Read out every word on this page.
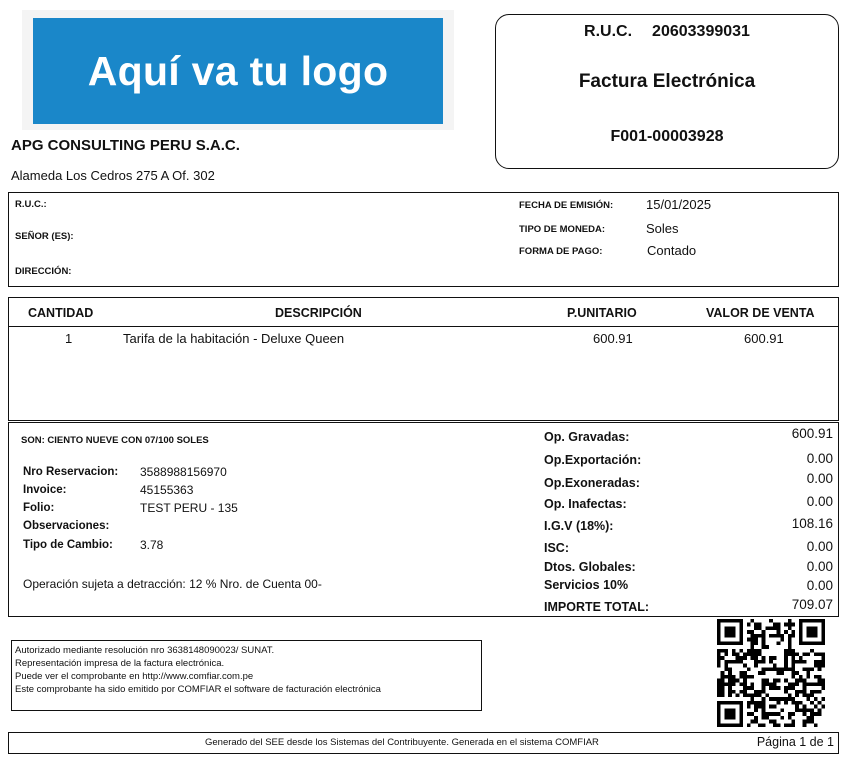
Aquí va tu logo
APG CONSULTING PERU S.A.C.
Alameda Los Cedros 275 A Of. 302
R.U.C. 20603399031
Factura Electrónica
F001-00003928
R.U.C.:
SEÑOR (ES):
DIRECCIÓN:
FECHA DE EMISIÓN:	15/01/2025
TIPO DE MONEDA:	Soles
FORMA DE PAGO:	Contado
CANTIDAD	DESCRIPCIÓN	P.UNITARIO	VALOR DE VENTA
1	Tarifa de la habitación - Deluxe Queen	600.91	600.91
SON: CIENTO NUEVE CON 07/100 SOLES
Nro Reservacion: 3588988156970
Invoice:	45155363
Folio:	TEST PERU - 135
Observaciones:
Tipo de Cambio: 3.78
Operación sujeta a detracción: 12 % Nro. de Cuenta 00-
Op. Gravadas:	600.91
Op.Exportación:	0.00
Op.Exoneradas:	0.00
Op. Inafectas:	0.00
I.G.V (18%):	108.16
ISC:	0.00
Dtos. Globales:	0.00
Servicios 10%	0.00
IMPORTE TOTAL:	709.07
Autorizado mediante resolución nro 3638148090023/ SUNAT.
Representación impresa de la factura electrónica.
Puede ver el comprobante en http://www.comfiar.com.pe
Este comprobante ha sido emitido por COMFIAR el software de facturación electrónica
Generado del SEE desde los Sistemas del Contribuyente. Generada en el sistema COMFIAR	Página 1 de 1
